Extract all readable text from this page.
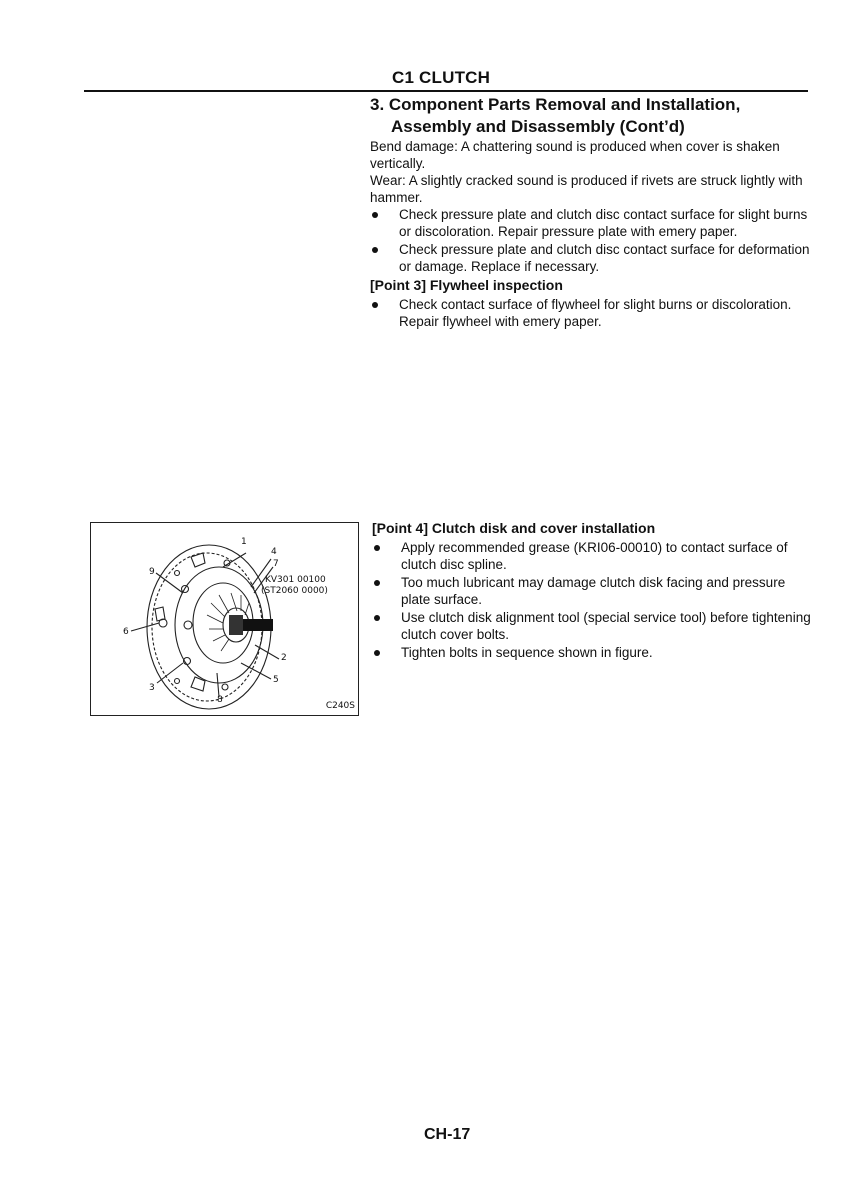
C1 CLUTCH
3. Component Parts Removal and Installation,
Assembly and Disassembly (Cont’d)

Bend damage: A chattering sound is produced when cover is shaken vertically.

Wear: A slightly cracked sound is produced if rivets are struck lightly with hammer.

Check pressure plate and clutch disc contact surface for slight burns or discoloration. Repair pressure plate with emery paper.
Check pressure plate and clutch disc contact surface for deformation or damage. Replace if necessary.

[Point 3] Flywheel inspection

Check contact surface of flywheel for slight burns or discoloration. Repair flywheel with emery paper.
1
4
7
9
KV301 00100
(ST2060 0000)
6
2
5
3
8
C240S

[Point 4] Clutch disk and cover installation

Apply recommended grease (KRI06-00010) to contact surface of clutch disc spline.
Too much lubricant may damage clutch disk facing and pressure plate surface.
Use clutch disk alignment tool (special service tool) before tightening clutch cover bolts.
Tighten bolts in sequence shown in figure.
CH-17
